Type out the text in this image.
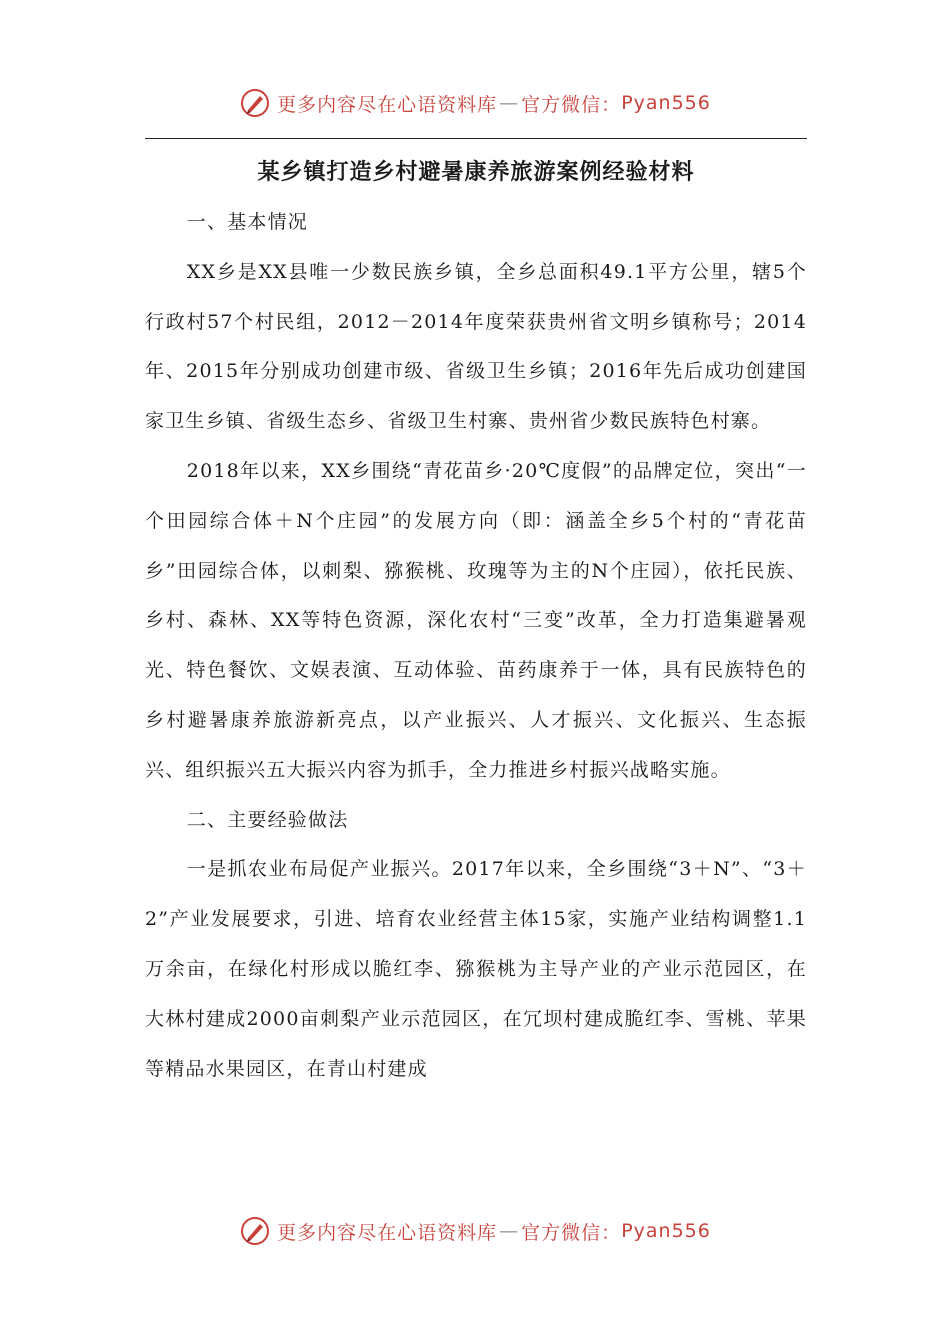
更多内容尽在心语资料库 — 官方微信： Pyan556
某乡镇打造乡村避暑康养旅游案例经验材料

一、基本情况

XX乡是XX县唯一少数民族乡镇，全乡总面积49.1平方公里，辖5个行政村57个村民组，2012－2014年度荣获贵州省文明乡镇称号；2014年、2015年分别成功创建市级、省级卫生乡镇；2016年先后成功创建国家卫生乡镇、省级生态乡、省级卫生村寨、贵州省少数民族特色村寨。

2018年以来，XX乡围绕“青花苗乡·20℃度假”的品牌定位，突出“一个田园综合体＋N个庄园”的发展方向（即：涵盖全乡5个村的“青花苗乡”田园综合体，以刺梨、猕猴桃、玫瑰等为主的N个庄园），依托民族、乡村、森林、XX等特色资源，深化农村“三变”改革，全力打造集避暑观光、特色餐饮、文娱表演、互动体验、苗药康养于一体，具有民族特色的乡村避暑康养旅游新亮点，以产业振兴、人才振兴、文化振兴、生态振兴、组织振兴五大振兴内容为抓手，全力推进乡村振兴战略实施。

二、主要经验做法

一是抓农业布局促产业振兴。2017年以来，全乡围绕“3＋N”、“3＋2”产业发展要求，引进、培育农业经营主体15家，实施产业结构调整1.1万余亩，在绿化村形成以脆红李、猕猴桃为主导产业的产业示范园区，在大林村建成2000亩刺梨产业示范园区，在冗坝村建成脆红李、雪桃、苹果等精品水果园区，在青山村建成

更多内容尽在心语资料库 — 官方微信： Pyan556
